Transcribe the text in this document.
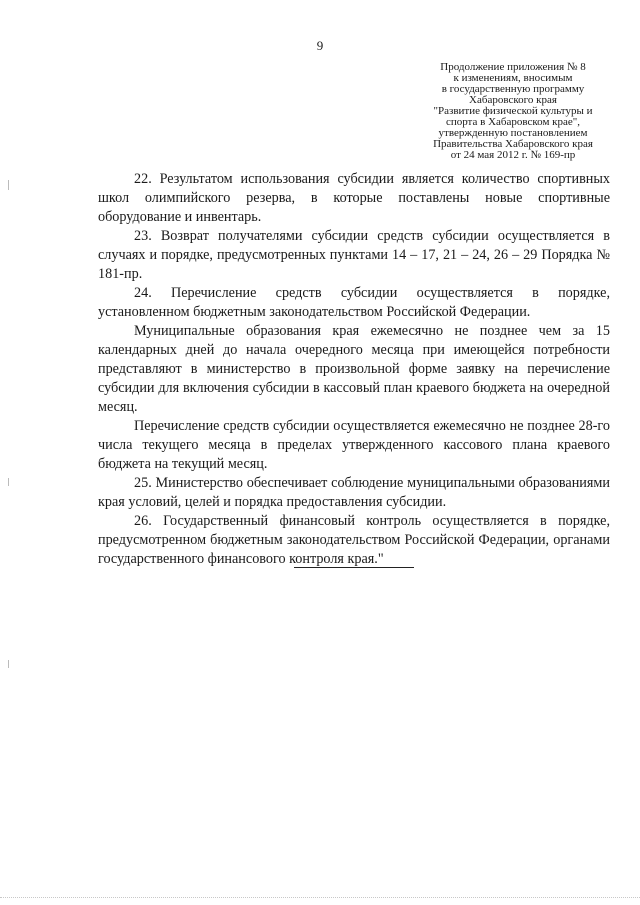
9
Продолжение приложения № 8
к изменениям, вносимым
в государственную программу
Хабаровского края
"Развитие физической культуры и
спорта в Хабаровском крае",
утвержденную постановлением
Правительства Хабаровского края
от 24 мая 2012 г. № 169-пр

22. Результатом использования субсидии является количество спортивных школ олимпийского резерва, в которые поставлены новые спортивные оборудование и инвентарь.

23. Возврат получателями субсидии средств субсидии осуществляется в случаях и порядке, предусмотренных пунктами 14 – 17, 21 – 24, 26 – 29 Порядка № 181-пр.

24. Перечисление средств субсидии осуществляется в порядке, установленном бюджетным законодательством Российской Федерации.

Муниципальные образования края ежемесячно не позднее чем за 15 календарных дней до начала очередного месяца при имеющейся потребности представляют в министерство в произвольной форме заявку на перечисление субсидии для включения субсидии в кассовый план краевого бюджета на очередной месяц.

Перечисление средств субсидии осуществляется ежемесячно не позднее 28-го числа текущего месяца в пределах утвержденного кассового плана краевого бюджета на текущий месяц.

25. Министерство обеспечивает соблюдение муниципальными образованиями края условий, целей и порядка предоставления субсидии.

26. Государственный финансовый контроль осуществляется в порядке, предусмотренном бюджетным законодательством Российской Федерации, органами государственного финансового контроля края."
